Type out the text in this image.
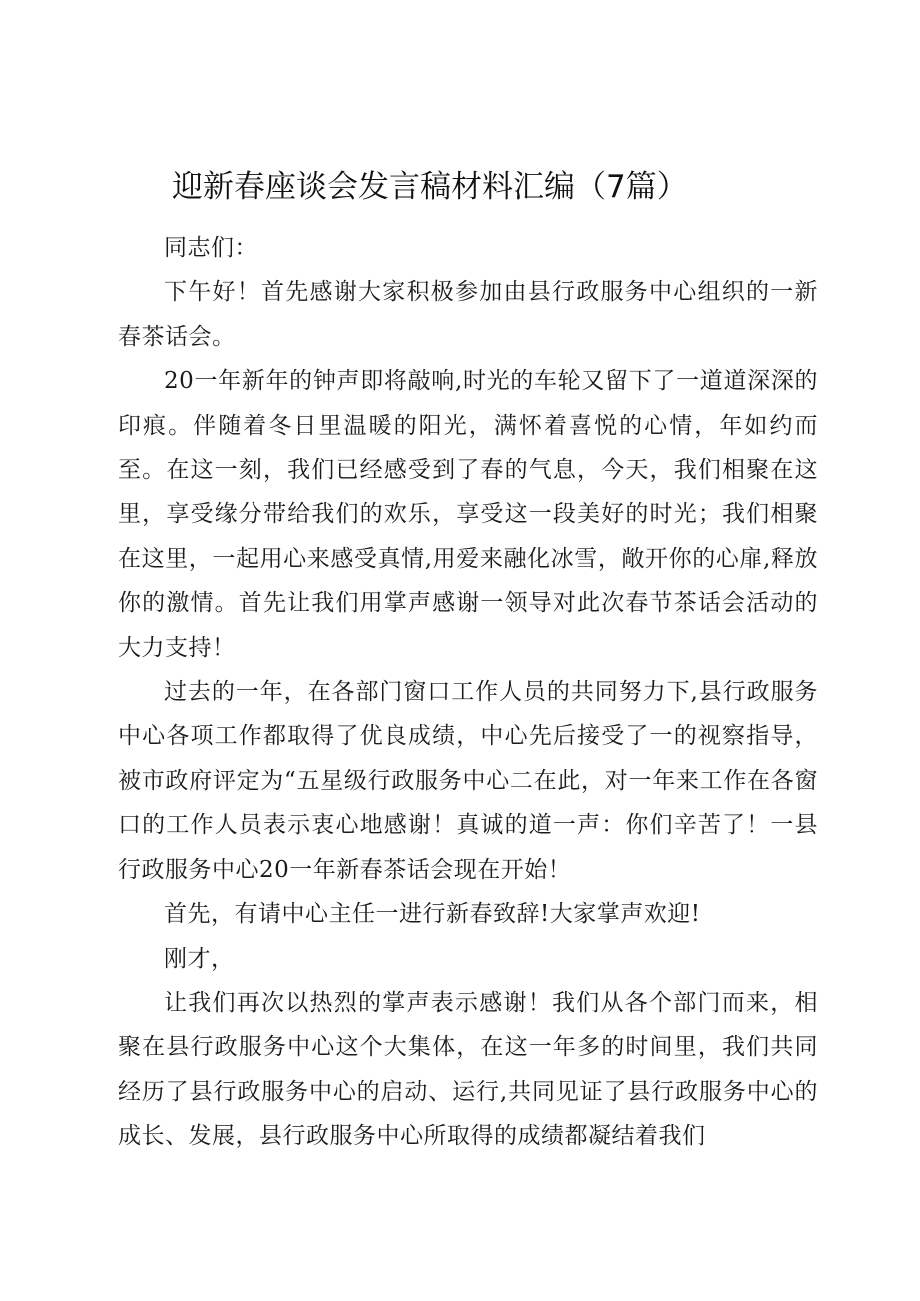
迎新春座谈会发言稿材料汇编（7篇）

同志们：

下午好！首先感谢大家积极参加由县行政服务中心组织的一新春茶话会。

20一年新年的钟声即将敲响,时光的车轮又留下了一道道深深的印痕。伴随着冬日里温暖的阳光，满怀着喜悦的心情，年如约而至。在这一刻，我们已经感受到了春的气息，今天，我们相聚在这里，享受缘分带给我们的欢乐，享受这一段美好的时光；我们相聚在这里，一起用心来感受真情,用爱来融化冰雪，敞开你的心扉,释放你的激情。首先让我们用掌声感谢一领导对此次春节茶话会活动的大力支持！

过去的一年，在各部门窗口工作人员的共同努力下,县行政服务中心各项工作都取得了优良成绩，中心先后接受了一的视察指导，被市政府评定为“五星级行政服务中心二在此，对一年来工作在各窗口的工作人员表示衷心地感谢！真诚的道一声：你们辛苦了！一县行政服务中心20一年新春茶话会现在开始！

首先，有请中心主任一进行新春致辞!大家掌声欢迎!

刚才，

让我们再次以热烈的掌声表示感谢！我们从各个部门而来，相聚在县行政服务中心这个大集体，在这一年多的时间里，我们共同经历了县行政服务中心的启动、运行,共同见证了县行政服务中心的成长、发展，县行政服务中心所取得的成绩都凝结着我们
